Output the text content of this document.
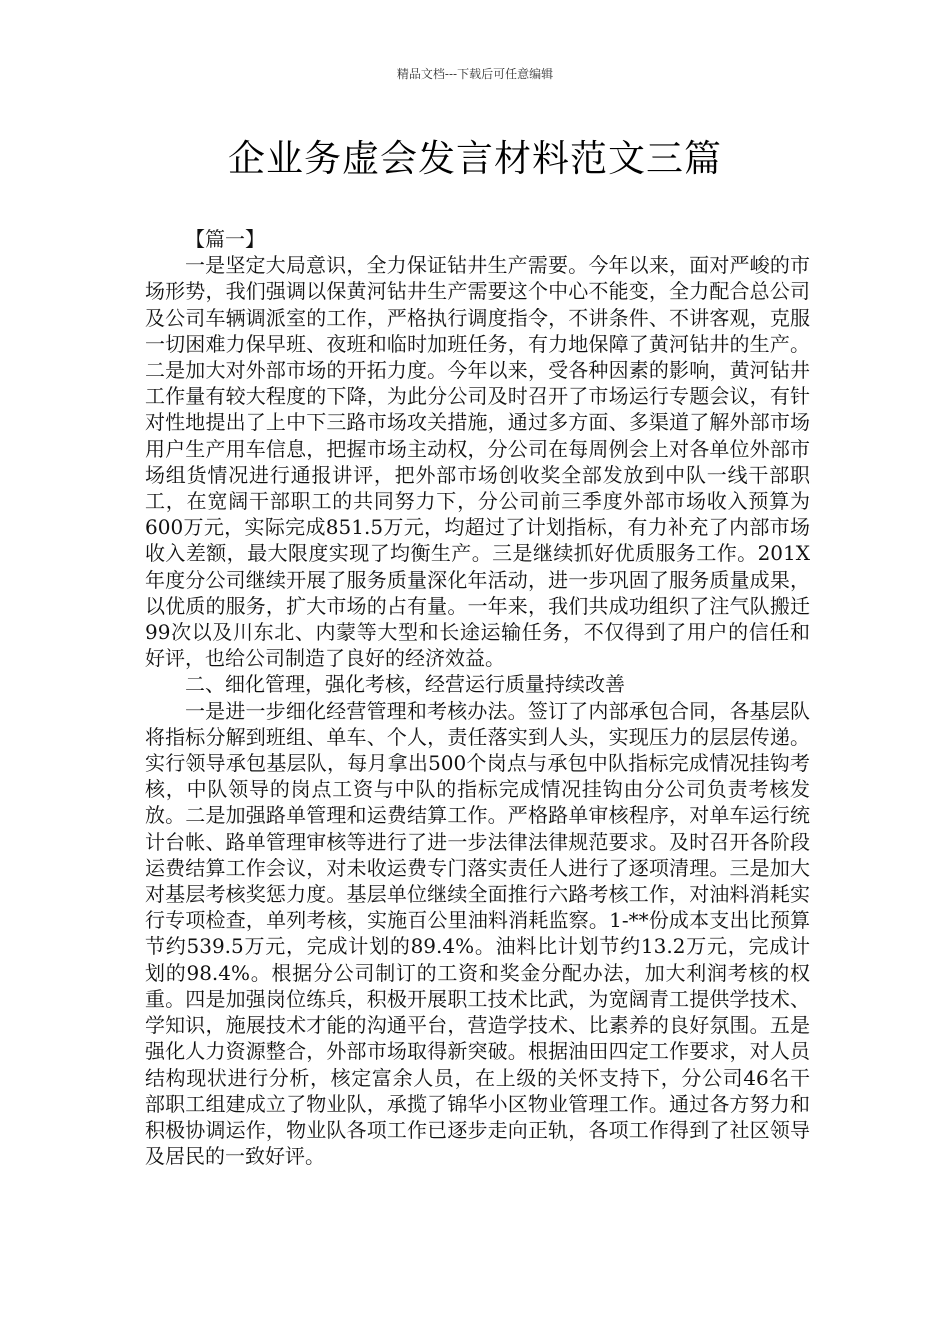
精品文档---下载后可任意编辑
企业务虚会发言材料范文三篇

【篇一】

一是坚定大局意识，全力保证钻井生产需要。今年以来，面对严峻的市场形势，我们强调以保黄河钻井生产需要这个中心不能变，全力配合总公司及公司车辆调派室的工作，严格执行调度指令，不讲条件、不讲客观，克服一切困难力保早班、夜班和临时加班任务，有力地保障了黄河钻井的生产。二是加大对外部市场的开拓力度。今年以来，受各种因素的影响，黄河钻井工作量有较大程度的下降，为此分公司及时召开了市场运行专题会议，有针对性地提出了上中下三路市场攻关措施，通过多方面、多渠道了解外部市场用户生产用车信息，把握市场主动权，分公司在每周例会上对各单位外部市场组货情况进行通报讲评，把外部市场创收奖全部发放到中队一线干部职工，在宽阔干部职工的共同努力下，分公司前三季度外部市场收入预算为600万元，实际完成851.5万元，均超过了计划指标，有力补充了内部市场收入差额，最大限度实现了均衡生产。三是继续抓好优质服务工作。201X年度分公司继续开展了服务质量深化年活动，进一步巩固了服务质量成果，以优质的服务，扩大市场的占有量。一年来，我们共成功组织了注气队搬迁99次以及川东北、内蒙等大型和长途运输任务，不仅得到了用户的信任和好评，也给公司制造了良好的经济效益。

二、细化管理，强化考核，经营运行质量持续改善

一是进一步细化经营管理和考核办法。签订了内部承包合同，各基层队将指标分解到班组、单车、个人，责任落实到人头，实现压力的层层传递。实行领导承包基层队，每月拿出500个岗点与承包中队指标完成情况挂钩考核，中队领导的岗点工资与中队的指标完成情况挂钩由分公司负责考核发放。二是加强路单管理和运费结算工作。严格路单审核程序，对单车运行统计台帐、路单管理审核等进行了进一步法律法律规范要求。及时召开各阶段运费结算工作会议，对未收运费专门落实责任人进行了逐项清理。三是加大对基层考核奖惩力度。基层单位继续全面推行六路考核工作，对油料消耗实行专项检查，单列考核，实施百公里油料消耗监察。1-**份成本支出比预算节约539.5万元，完成计划的89.4%。油料比计划节约13.2万元，完成计划的98.4%。根据分公司制订的工资和奖金分配办法，加大利润考核的权重。四是加强岗位练兵，积极开展职工技术比武，为宽阔青工提供学技术、学知识，施展技术才能的沟通平台，营造学技术、比素养的良好氛围。五是强化人力资源整合，外部市场取得新突破。根据油田四定工作要求，对人员结构现状进行分析，核定富余人员，在上级的关怀支持下，分公司46名干部职工组建成立了物业队，承揽了锦华小区物业管理工作。通过各方努力和积极协调运作，物业队各项工作已逐步走向正轨，各项工作得到了社区领导及居民的一致好评。
